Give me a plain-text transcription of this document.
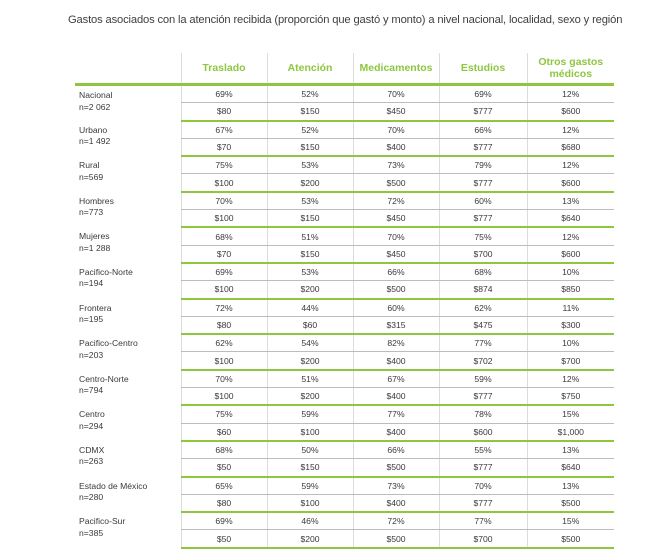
Gastos asociados con la atención recibida (proporción que gastó y monto) a nivel nacional, localidad, sexo y región
	Traslado	Atención	Medicamentos	Estudios	Otros gastos médicos

Nacional
n=2 062	69%	52%	70%	69%	12%
	$80	$150	$450	$777	$600

Urbano
n=1 492	67%	52%	70%	66%	12%
	$70	$150	$400	$777	$680

Rural
n=569	75%	53%	73%	79%	12%
	$100	$200	$500	$777	$600

Hombres
n=773	70%	53%	72%	60%	13%
	$100	$150	$450	$777	$640

Mujeres
n=1 288	68%	51%	70%	75%	12%
	$70	$150	$450	$700	$600

Pacifico-Norte
n=194	69%	53%	66%	68%	10%
	$100	$200	$500	$874	$850

Frontera
n=195	72%	44%	60%	62%	11%
	$80	$60	$315	$475	$300

Pacifico-Centro
n=203	62%	54%	82%	77%	10%
	$100	$200	$400	$702	$700

Centro-Norte
n=794	70%	51%	67%	59%	12%
	$100	$200	$400	$777	$750

Centro
n=294	75%	59%	77%	78%	15%
	$60	$100	$400	$600	$1,000

CDMX
n=263	68%	50%	66%	55%	13%
	$50	$150	$500	$777	$640

Estado de México
n=280	65%	59%	73%	70%	13%
	$80	$100	$400	$777	$500

Pacifico-Sur
n=385	69%	46%	72%	77%	15%
	$50	$200	$500	$700	$500
